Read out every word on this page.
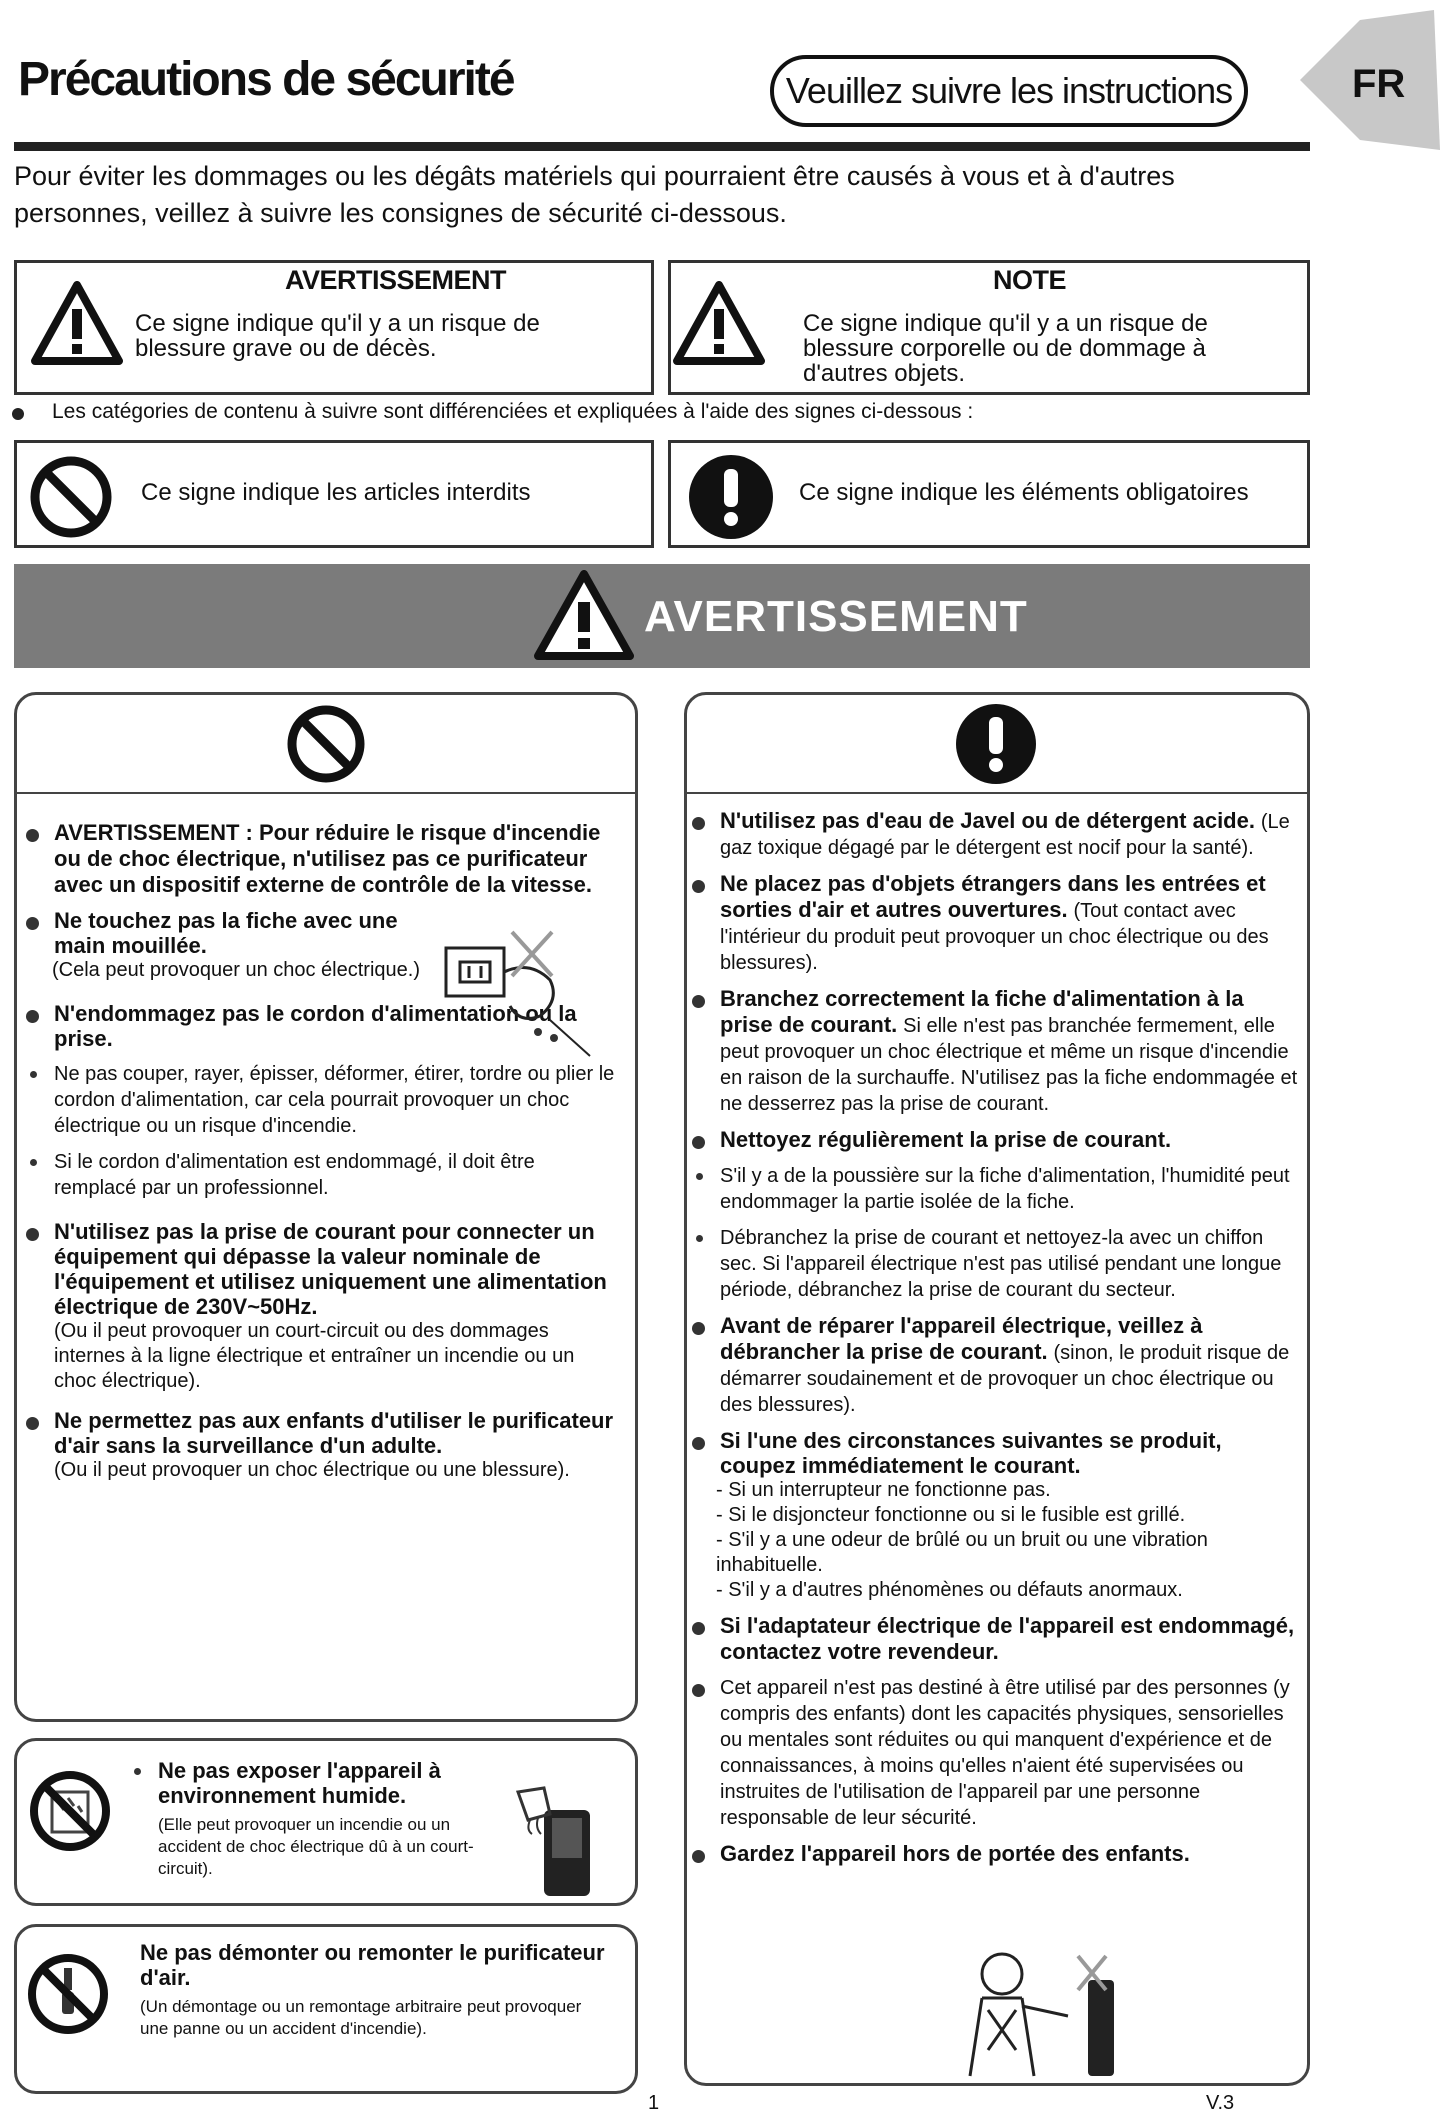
Précautions de sécurité	Veuillez suivre les instructions	FR
Pour éviter les dommages ou les dégâts matériels qui pourraient être causés à vous et à d'autres personnes, veillez à suivre les consignes de sécurité ci-dessous.
AVERTISSEMENT
Ce signe indique qu'il y a un risque de blessure grave ou de décès.
NOTE
Ce signe indique qu'il y a un risque de blessure corporelle ou de dommage à d'autres objets.
Les catégories de contenu à suivre sont différenciées et expliquées à l'aide des signes ci-dessous :
Ce signe indique les articles interdits	Ce signe indique les éléments obligatoires
AVERTISSEMENT
AVERTISSEMENT : Pour réduire le risque d'incendie ou de choc électrique, n'utilisez pas ce purificateur avec un dispositif externe de contrôle de la vitesse.
Ne touchez pas la fiche avec une main mouillée.
(Cela peut provoquer un choc électrique.)
N'endommagez pas le cordon d'alimentation ou la prise.
Ne pas couper, rayer, épisser, déformer, étirer, tordre ou plier le cordon d'alimentation, car cela pourrait provoquer un choc électrique ou un risque d'incendie.
Si le cordon d'alimentation est endommagé, il doit être remplacé par un professionnel.
N'utilisez pas la prise de courant pour connecter un équipement qui dépasse la valeur nominale de l'équipement et utilisez uniquement une alimentation électrique de 230V~50Hz.
(Ou il peut provoquer un court-circuit ou des dommages internes à la ligne électrique et entraîner un incendie ou un choc électrique).
Ne permettez pas aux enfants d'utiliser le purificateur d'air sans la surveillance d'un adulte.
(Ou il peut provoquer un choc électrique ou une blessure).
Ne pas exposer l'appareil à environnement humide.
(Elle peut provoquer un incendie ou un accident de choc électrique dû à un court-circuit).
Ne pas démonter ou remonter le purificateur d'air.
(Un démontage ou un remontage arbitraire peut provoquer une panne ou un accident d'incendie).
N'utilisez pas d'eau de Javel ou de détergent acide. (Le gaz toxique dégagé par le détergent est nocif pour la santé).
Ne placez pas d'objets étrangers dans les entrées et sorties d'air et autres ouvertures. (Tout contact avec l'intérieur du produit peut provoquer un choc électrique ou des blessures).
Branchez correctement la fiche d'alimentation à la prise de courant. Si elle n'est pas branchée fermement, elle peut provoquer un choc électrique et même un risque d'incendie en raison de la surchauffe. N'utilisez pas la fiche endommagée et ne desserrez pas la prise de courant.
Nettoyez régulièrement la prise de courant.
S'il y a de la poussière sur la fiche d'alimentation, l'humidité peut endommager la partie isolée de la fiche.
Débranchez la prise de courant et nettoyez-la avec un chiffon sec. Si l'appareil électrique n'est pas utilisé pendant une longue période, débranchez la prise de courant du secteur.
Avant de réparer l'appareil électrique, veillez à débrancher la prise de courant. (sinon, le produit risque de démarrer soudainement et de provoquer un choc électrique ou des blessures).
Si l'une des circonstances suivantes se produit, coupez immédiatement le courant.
- Si un interrupteur ne fonctionne pas.
- Si le disjoncteur fonctionne ou si le fusible est grillé.
- S'il y a une odeur de brûlé ou un bruit ou une vibration inhabituelle.
- S'il y a d'autres phénomènes ou défauts anormaux.
Si l'adaptateur électrique de l'appareil est endommagé, contactez votre revendeur.
Cet appareil n'est pas destiné à être utilisé par des personnes (y compris des enfants) dont les capacités physiques, sensorielles ou mentales sont réduites ou qui manquent d'expérience et de connaissances, à moins qu'elles n'aient été supervisées ou instruites de l'utilisation de l'appareil par une personne responsable de leur sécurité.
Gardez l'appareil hors de portée des enfants.
1	V.3
